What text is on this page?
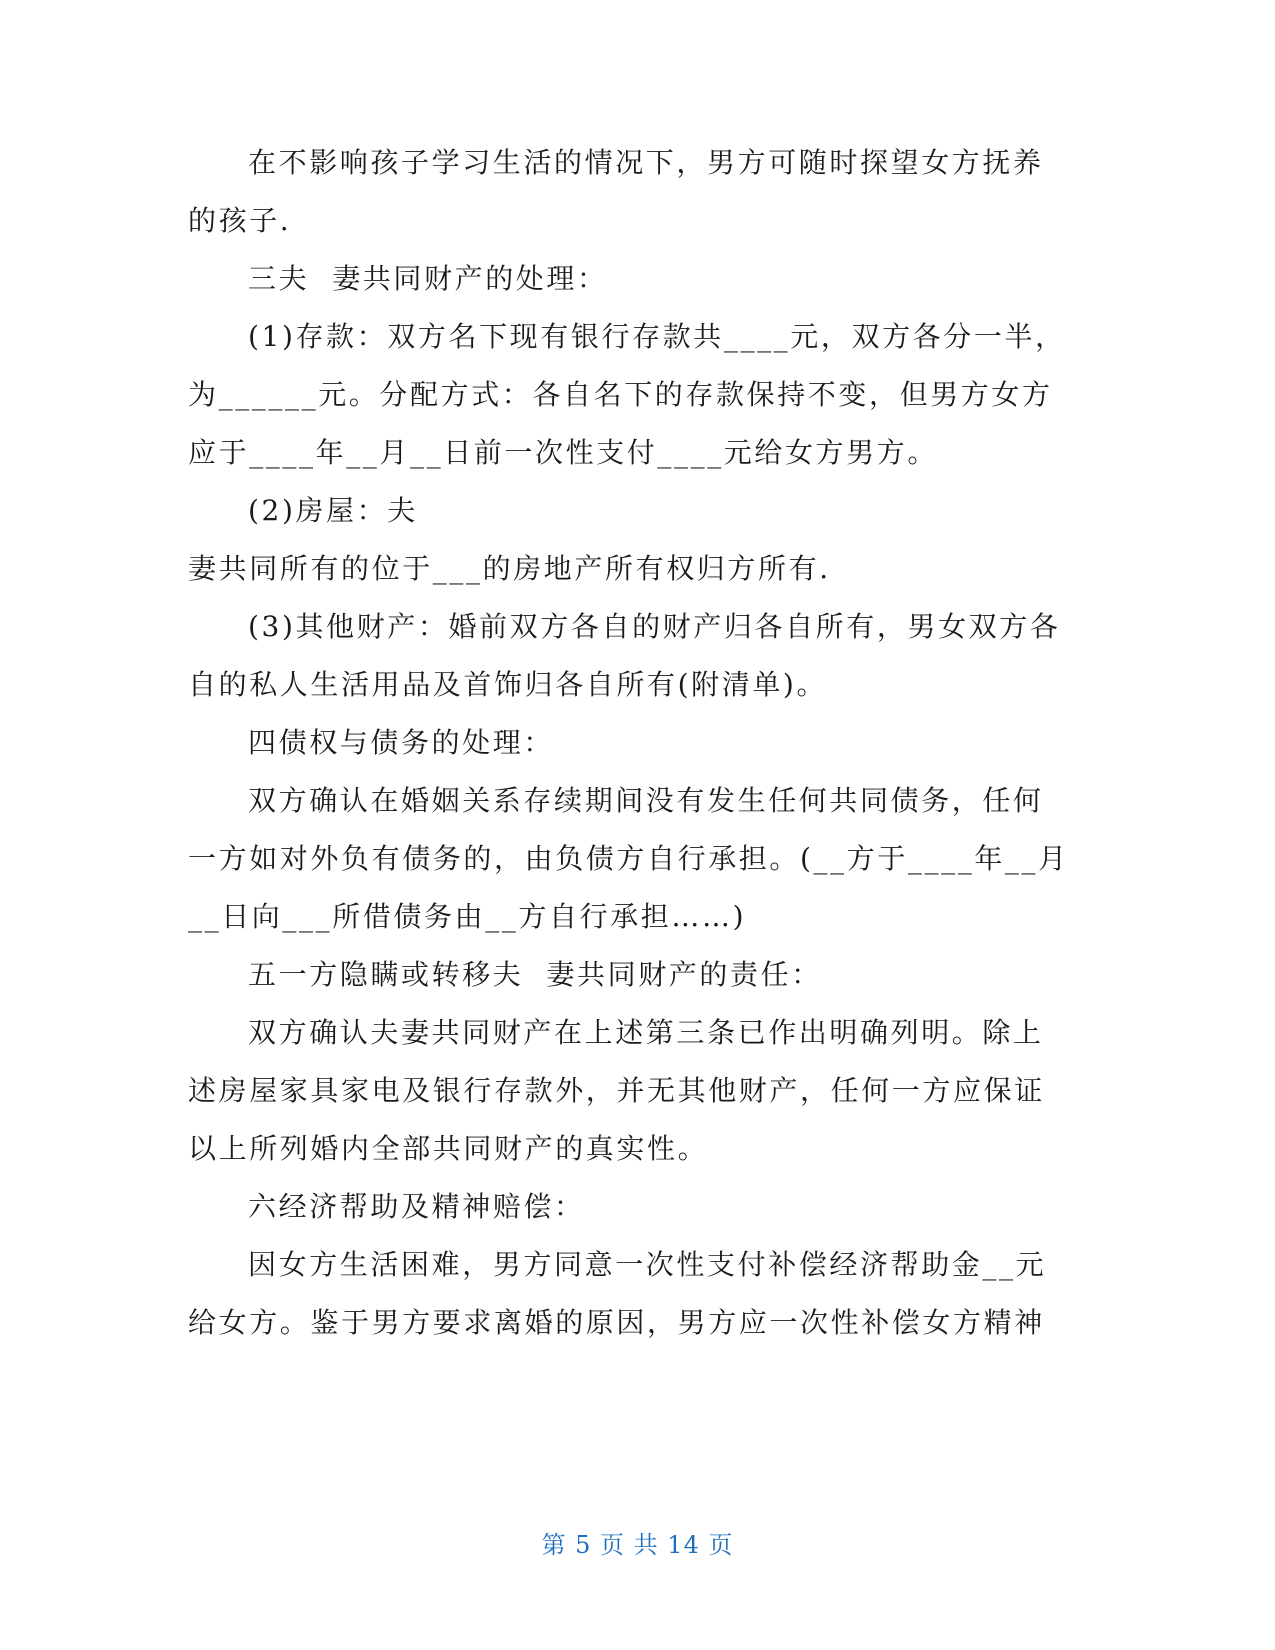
在不影响孩子学习生活的情况下，男方可随时探望女方抚养
的孩子.
三夫  妻共同财产的处理：
(1)存款：双方名下现有银行存款共____元，双方各分一半，
为______元。分配方式：各自名下的存款保持不变，但男方女方
应于____年__月__日前一次性支付____元给女方男方。
(2)房屋：夫
妻共同所有的位于___的房地产所有权归方所有.
(3)其他财产：婚前双方各自的财产归各自所有，男女双方各
自的私人生活用品及首饰归各自所有(附清单)。
四债权与债务的处理：
双方确认在婚姻关系存续期间没有发生任何共同债务，任何
一方如对外负有债务的，由负债方自行承担。(__方于____年__月
__日向___所借债务由__方自行承担……)
五一方隐瞒或转移夫  妻共同财产的责任：
双方确认夫妻共同财产在上述第三条已作出明确列明。除上
述房屋家具家电及银行存款外，并无其他财产，任何一方应保证
以上所列婚内全部共同财产的真实性。
六经济帮助及精神赔偿：
因女方生活困难，男方同意一次性支付补偿经济帮助金__元
给女方。鉴于男方要求离婚的原因，男方应一次性补偿女方精神
第 5 页 共 14 页
